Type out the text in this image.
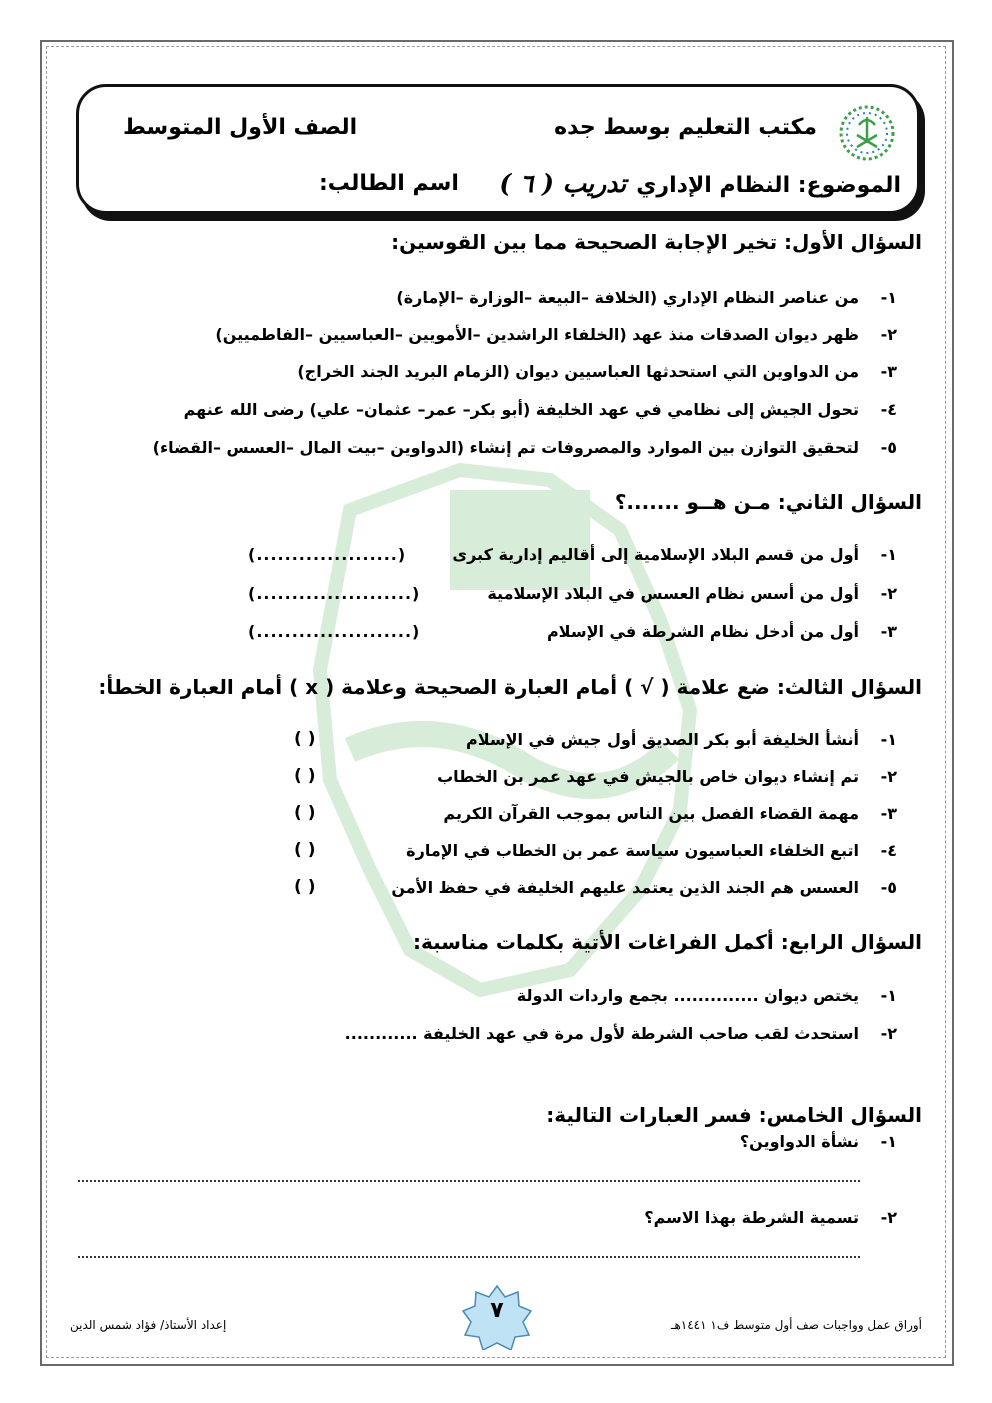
مكتب التعليم بوسط جده
الصف الأول المتوسط
الموضوع: النظام الإداري
تدريب ( ٦ )
اسم الطالب:
السؤال الأول: تخير الإجابة الصحيحة مما بين القوسين:
١-من عناصر النظام الإداري (الخلافة –البيعة –الوزارة –الإمارة)
٢-ظهر ديوان الصدقات منذ عهد (الخلفاء الراشدين –الأمويين –العباسيين –الفاطميين)
٣-من الدواوين التي استحدثها العباسيين ديوان (الزمام البريد الجند الخراج)
٤-تحول الجيش إلى نظامي في عهد الخليفة (أبو بكر– عمر– عثمان– علي) رضى الله عنهم
٥-لتحقيق التوازن بين الموارد والمصروفات تم إنشاء (الدواوين –بيت المال –العسس –القضاء)
السؤال الثاني: مـن هــو .......؟
١-أول من قسم البلاد الإسلامية إلى أقاليم إدارية كبرى
(....................)
٢-أول من أسس نظام العسس في البلاد الإسلامية
(......................)
٣-أول من أدخل نظام الشرطة في الإسلام
(......................)
السؤال الثالث: ضع علامة ( √ ) أمام العبارة الصحيحة وعلامة ( x ) أمام العبارة الخطأ:
١-أنشأ الخليفة أبو بكر الصديق أول جيش في الإسلام
( )
٢-تم إنشاء ديوان خاص بالجيش في عهد عمر بن الخطاب
( )
٣-مهمة القضاء الفصل بين الناس بموجب القرآن الكريم
( )
٤-اتبع الخلفاء العباسيون سياسة عمر بن الخطاب في الإمارة
( )
٥-العسس هم الجند الذين يعتمد عليهم الخليفة في حفظ الأمن
( )
السؤال الرابع: أكمل الفراغات الأتية بكلمات مناسبة:
١-يختص ديوان .............. بجمع واردات الدولة
٢-استحدث لقب صاحب الشرطة لأول مرة في عهد الخليفة ............
السؤال الخامس: فسر العبارات التالية:
١-نشأة الدواوين؟
٢-تسمية الشرطة بهذا الاسم؟
٧
إعداد الأستاذ/ فؤاد شمس الدين	أوراق عمل وواجبات صف أول متوسط ف١ ١٤٤١هـ
